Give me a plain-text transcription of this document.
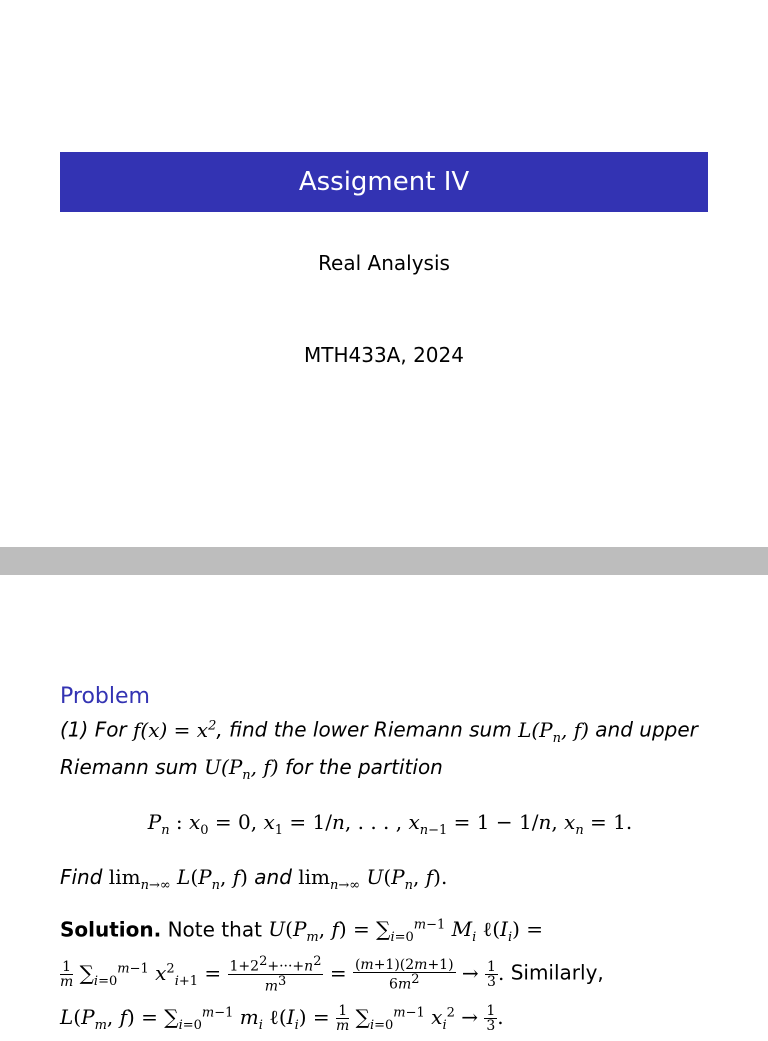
Assigment IV
Real Analysis
MTH433A, 2024
Problem
(1) For $f(x) = x^2$, find the lower Riemann sum $L(P_n$, f) and upper Riemann sum $U(P_n$, f) for the partition
$P_n$ : $x_0 = 0$, $x_1 = 1/n$, . . . , $x_{n-1} = 1 - 1/n$, $x_n = 1$.
Find $\lim_{n\to\infty} L(P_n$, f) and $\lim_{n\to\infty} U(P_n$, f).
Solution. Note that $U(P_m$, $f) = \sum_{i=0}^{m-1}$ $M_i$ $\ell(I_i)$ =

$\frac{1}{m} \sum_{i=0}^{m-1}$ $x^2_{i+1} = \frac{1+2^2+\cdot\cdot\cdot+n^2}{m^3} = \frac{(m+1)(2m+1)}{6m^2} \to \frac{1}{3}$ . Similarly,
$L(P_m$, $f) = \sum_{i=0}^{m-1}$ $m_i$ $\ell(I_i) = \frac{1}{m} \sum_{i=0}^{m-1}$ $x_i^2 \to \frac{1}{3}$ .
